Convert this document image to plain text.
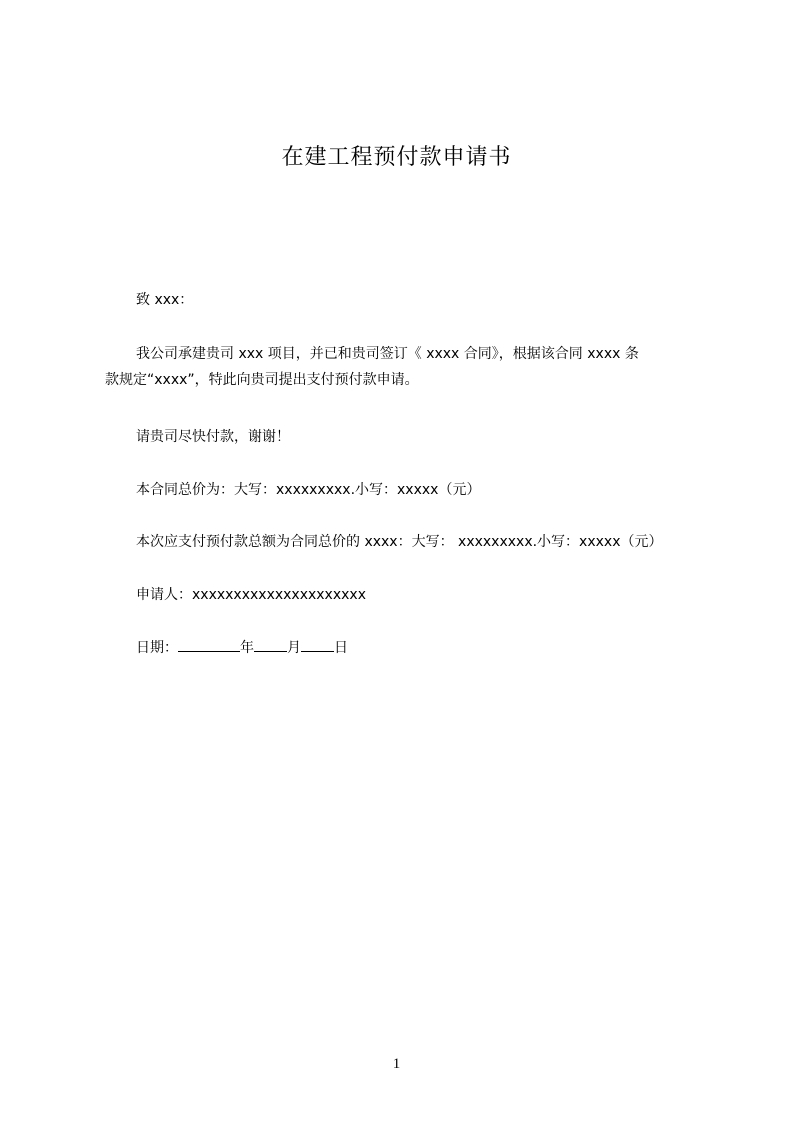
在建工程预付款申请书
致 xxx：
我公司承建贵司 xxx 项目，并已和贵司签订《 xxxx 合同》，根据该合同 xxxx 条
款规定“xxxx”，特此向贵司提出支付预付款申请。
请贵司尽快付款，谢谢！
本合同总价为：大写：xxxxxxxxx.小写：xxxxx（元）
本次应支付预付款总额为合同总价的 xxxx：大写： xxxxxxxxx.小写：xxxxx（元）
申请人：xxxxxxxxxxxxxxxxxxxxx
日期：	年 月 日
1
